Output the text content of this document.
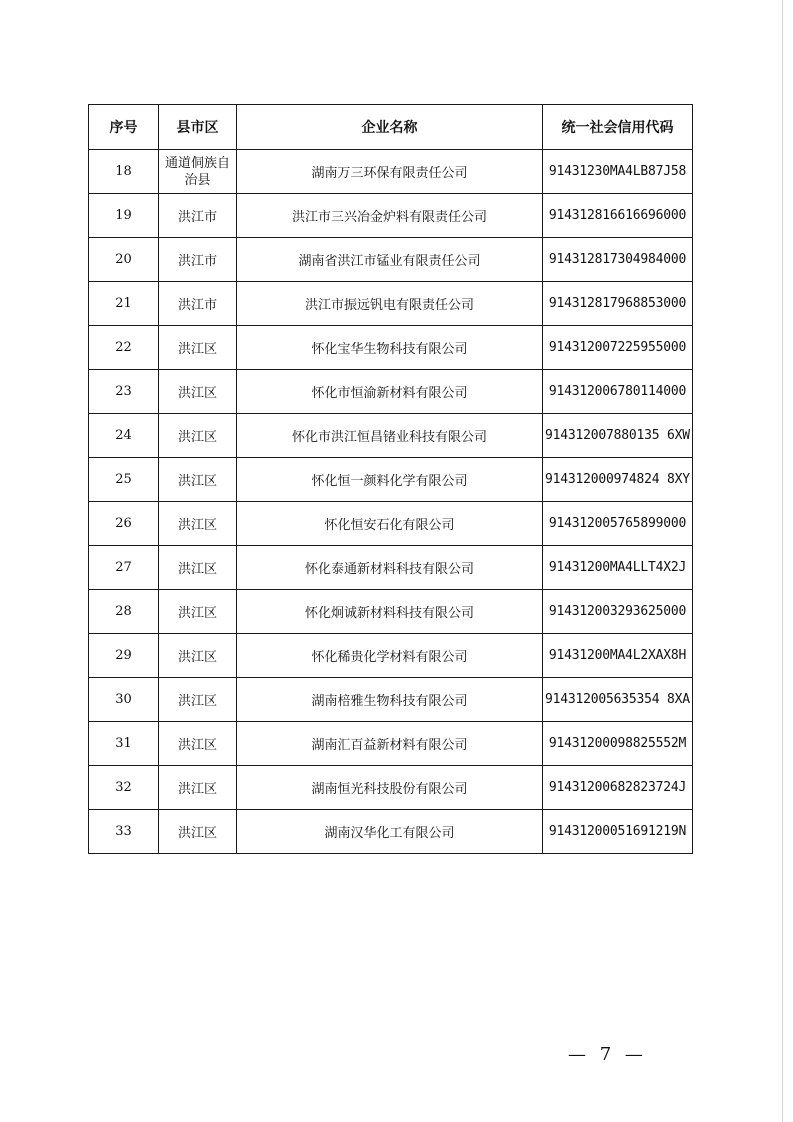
序号	县市区	企业名称	统一社会信用代码
18	通道侗族自治县	湖南万三环保有限责任公司	91431230MA4LB87J58
19	洪江市	洪江市三兴冶金炉料有限责任公司	914312816616696000
20	洪江市	湖南省洪江市锰业有限责任公司	914312817304984000
21	洪江市	洪江市振远钒电有限责任公司	914312817968853000
22	洪江区	怀化宝华生物科技有限公司	914312007225955000
23	洪江区	怀化市恒渝新材料有限公司	914312006780114000
24	洪江区	怀化市洪江恒昌锗业科技有限公司	914312007880135 6XW
25	洪江区	怀化恒一颜料化学有限公司	914312000974824 8XY
26	洪江区	怀化恒安石化有限公司	914312005765899000
27	洪江区	怀化泰通新材料科技有限公司	91431200MA4LLT4X2J
28	洪江区	怀化炯诚新材料科技有限公司	914312003293625000
29	洪江区	怀化稀贵化学材料有限公司	91431200MA4L2XAX8H
30	洪江区	湖南棓雅生物科技有限公司	914312005635354 8XA
31	洪江区	湖南汇百益新材料有限公司	91431200098825552M
32	洪江区	湖南恒光科技股份有限公司	91431200682823724J
33	洪江区	湖南汉华化工有限公司	91431200051691219N
— 7 —
